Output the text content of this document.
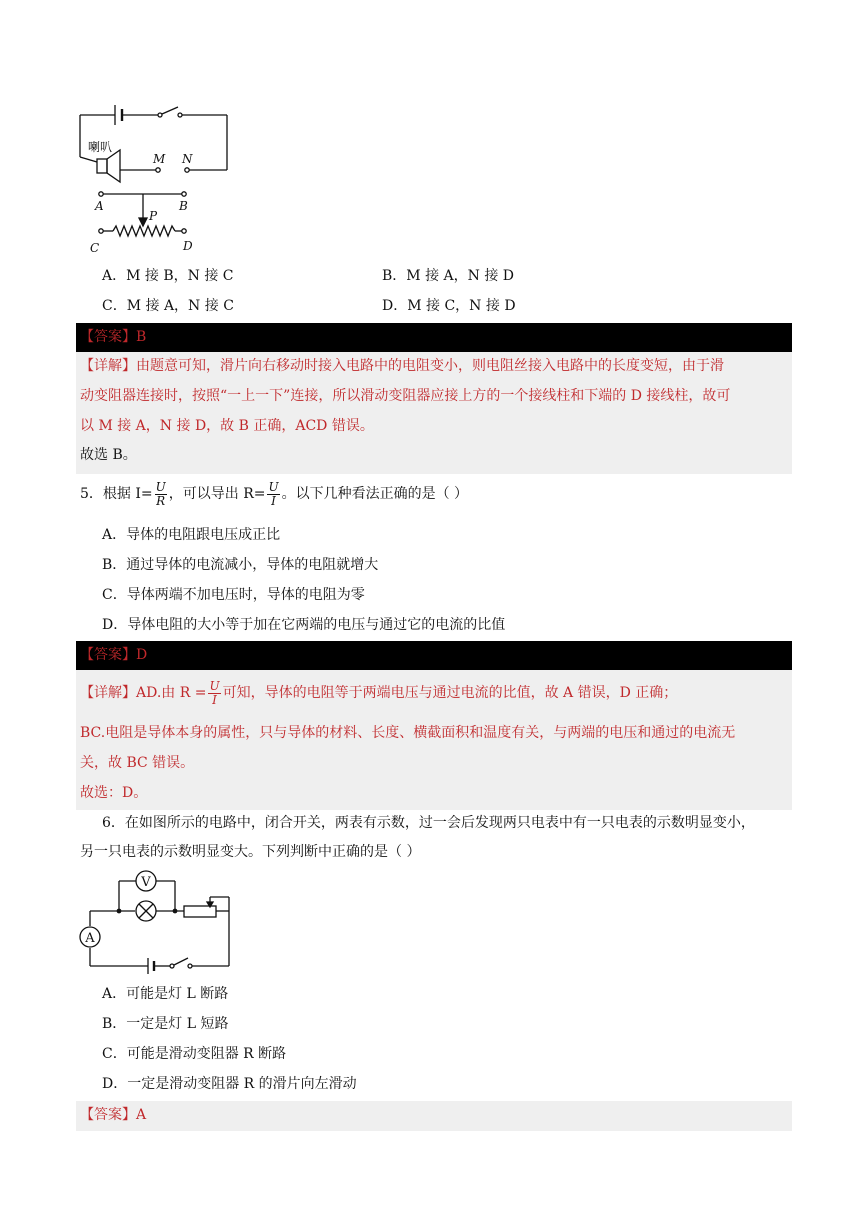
喇叭
M N
A	B
C	D
P
A．M 接 B，N 接 C	B．M 接 A，N 接 D
C．M 接 A，N 接 C	D．M 接 C，N 接 D
【答案】B
【详解】由题意可知，滑片向右移动时接入电路中的电阻变小，则电阻丝接入电路中的长度变短，由于滑
动变阻器连接时，按照“一上一下”连接，所以滑动变阻器应接上方的一个接线柱和下端的 D 接线柱，故可
以 M 接 A，N 接 D，故 B 正确，ACD 错误。
故选 B。
5．根据 $I= \frac{U}{R}$ ，可以导出 $R= \frac{U}{I}$ 。以下几种看法正确的是（ ）
A．导体的电阻跟电压成正比
B．通过导体的电流减小，导体的电阻就增大
C．导体两端不加电压时，导体的电阻为零
D．导体电阻的大小等于加在它两端的电压与通过它的电流的比值
【答案】D
【详解】AD.由 $R = \frac{U}{I}$ 可知，导体的电阻等于两端电压与通过电流的比值，故 A 错误，D 正确；
BC.电阻是导体本身的属性，只与导体的材料、长度、横截面积和温度有关，与两端的电压和通过的电流无
关，故 BC 错误。
故选：D。
6．在如图所示的电路中，闭合开关，两表有示数，过一会后发现两只电表中有一只电表的示数明显变小，
另一只电表的示数明显变大。下列判断中正确的是（ ）
V
A
A．可能是灯 L 断路
B．一定是灯 L 短路
C．可能是滑动变阻器 R 断路
D．一定是滑动变阻器 R 的滑片向左滑动
【答案】A
